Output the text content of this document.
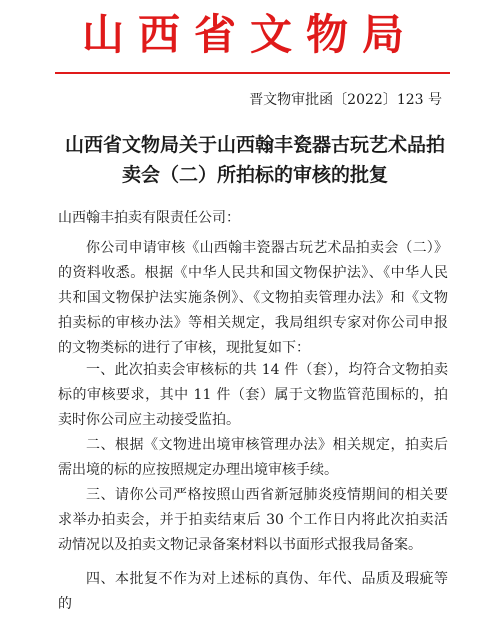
山西省文物局
晋文物审批函〔2022〕123 号
山西省文物局关于山西翰丰瓷器古玩艺术品拍卖会（二）所拍标的审核的批复
山西翰丰拍卖有限责任公司：
你公司申请审核《山西翰丰瓷器古玩艺术品拍卖会（二）》的资料收悉。根据《中华人民共和国文物保护法》、《中华人民共和国文物保护法实施条例》、《文物拍卖管理办法》和《文物拍卖标的审核办法》等相关规定，我局组织专家对你公司申报的文物类标的进行了审核，现批复如下：
一、此次拍卖会审核标的共 14 件（套），均符合文物拍卖标的审核要求，其中 11 件（套）属于文物监管范围标的，拍卖时你公司应主动接受监拍。
二、根据《文物进出境审核管理办法》相关规定，拍卖后需出境的标的应按照规定办理出境审核手续。
三、请你公司严格按照山西省新冠肺炎疫情期间的相关要求举办拍卖会，并于拍卖结束后 30 个工作日内将此次拍卖活动情况以及拍卖文物记录备案材料以书面形式报我局备案。
四、本批复不作为对上述标的真伪、年代、品质及瑕疵等的
